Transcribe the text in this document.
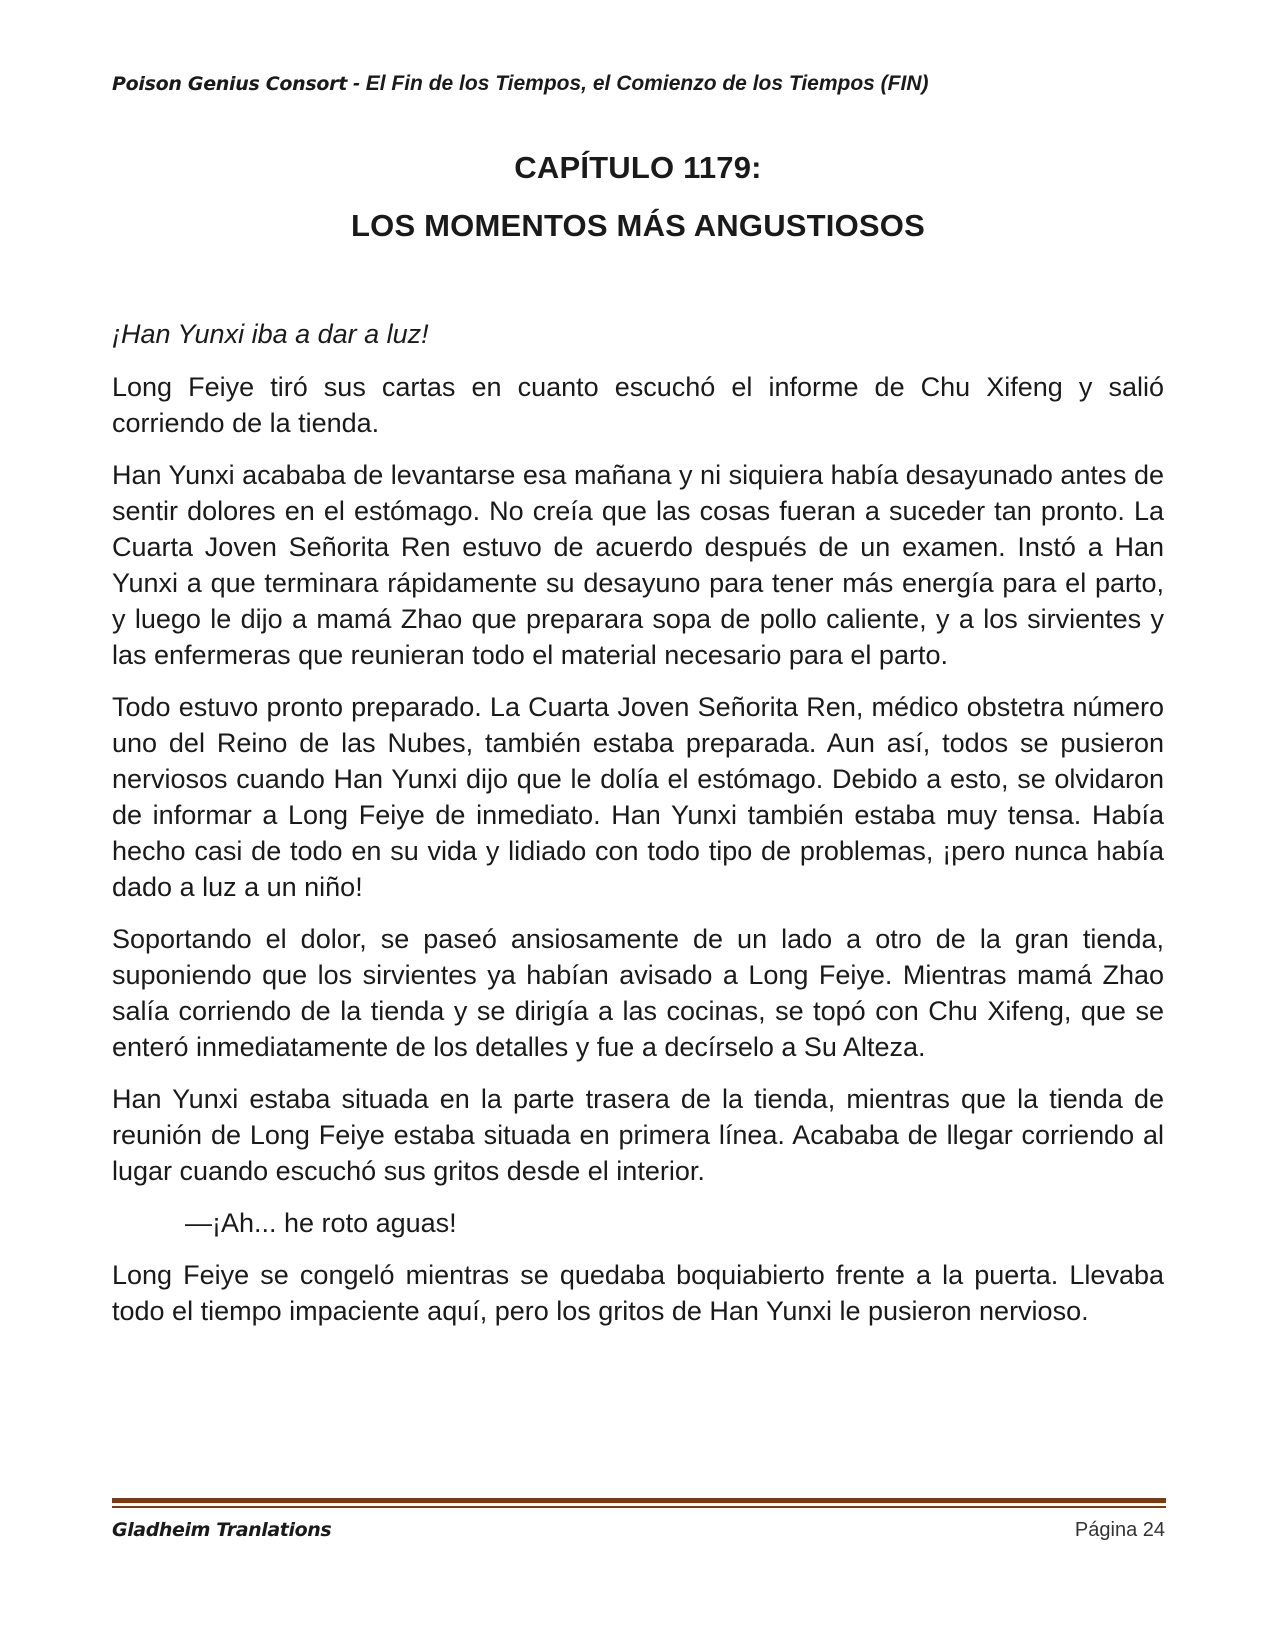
Poison Genius Consort - El Fin de los Tiempos, el Comienzo de los Tiempos (FIN)
CAPÍTULO 1179:
LOS MOMENTOS MÁS ANGUSTIOSOS

¡Han Yunxi iba a dar a luz!

Long Feiye tiró sus cartas en cuanto escuchó el informe de Chu Xifeng y salió corriendo de la tienda.

Han Yunxi acababa de levantarse esa mañana y ni siquiera había desayunado antes de sentir dolores en el estómago. No creía que las cosas fueran a suceder tan pronto. La Cuarta Joven Señorita Ren estuvo de acuerdo después de un examen. Instó a Han Yunxi a que terminara rápidamente su desayuno para tener más energía para el parto, y luego le dijo a mamá Zhao que preparara sopa de pollo caliente, y a los sirvientes y las enfermeras que reunieran todo el material necesario para el parto.

Todo estuvo pronto preparado. La Cuarta Joven Señorita Ren, médico obstetra número uno del Reino de las Nubes, también estaba preparada. Aun así, todos se pusieron nerviosos cuando Han Yunxi dijo que le dolía el estómago. Debido a esto, se olvidaron de informar a Long Feiye de inmediato. Han Yunxi también estaba muy tensa. Había hecho casi de todo en su vida y lidiado con todo tipo de problemas, ¡pero nunca había dado a luz a un niño!

Soportando el dolor, se paseó ansiosamente de un lado a otro de la gran tienda, suponiendo que los sirvientes ya habían avisado a Long Feiye. Mientras mamá Zhao salía corriendo de la tienda y se dirigía a las cocinas, se topó con Chu Xifeng, que se enteró inmediatamente de los detalles y fue a decírselo a Su Alteza.

Han Yunxi estaba situada en la parte trasera de la tienda, mientras que la tienda de reunión de Long Feiye estaba situada en primera línea. Acababa de llegar corriendo al lugar cuando escuchó sus gritos desde el interior.

—¡Ah... he roto aguas!

Long Feiye se congeló mientras se quedaba boquiabierto frente a la puerta. Llevaba todo el tiempo impaciente aquí, pero los gritos de Han Yunxi le pusieron nervioso.

Gladheim Tranlations	Página 24
